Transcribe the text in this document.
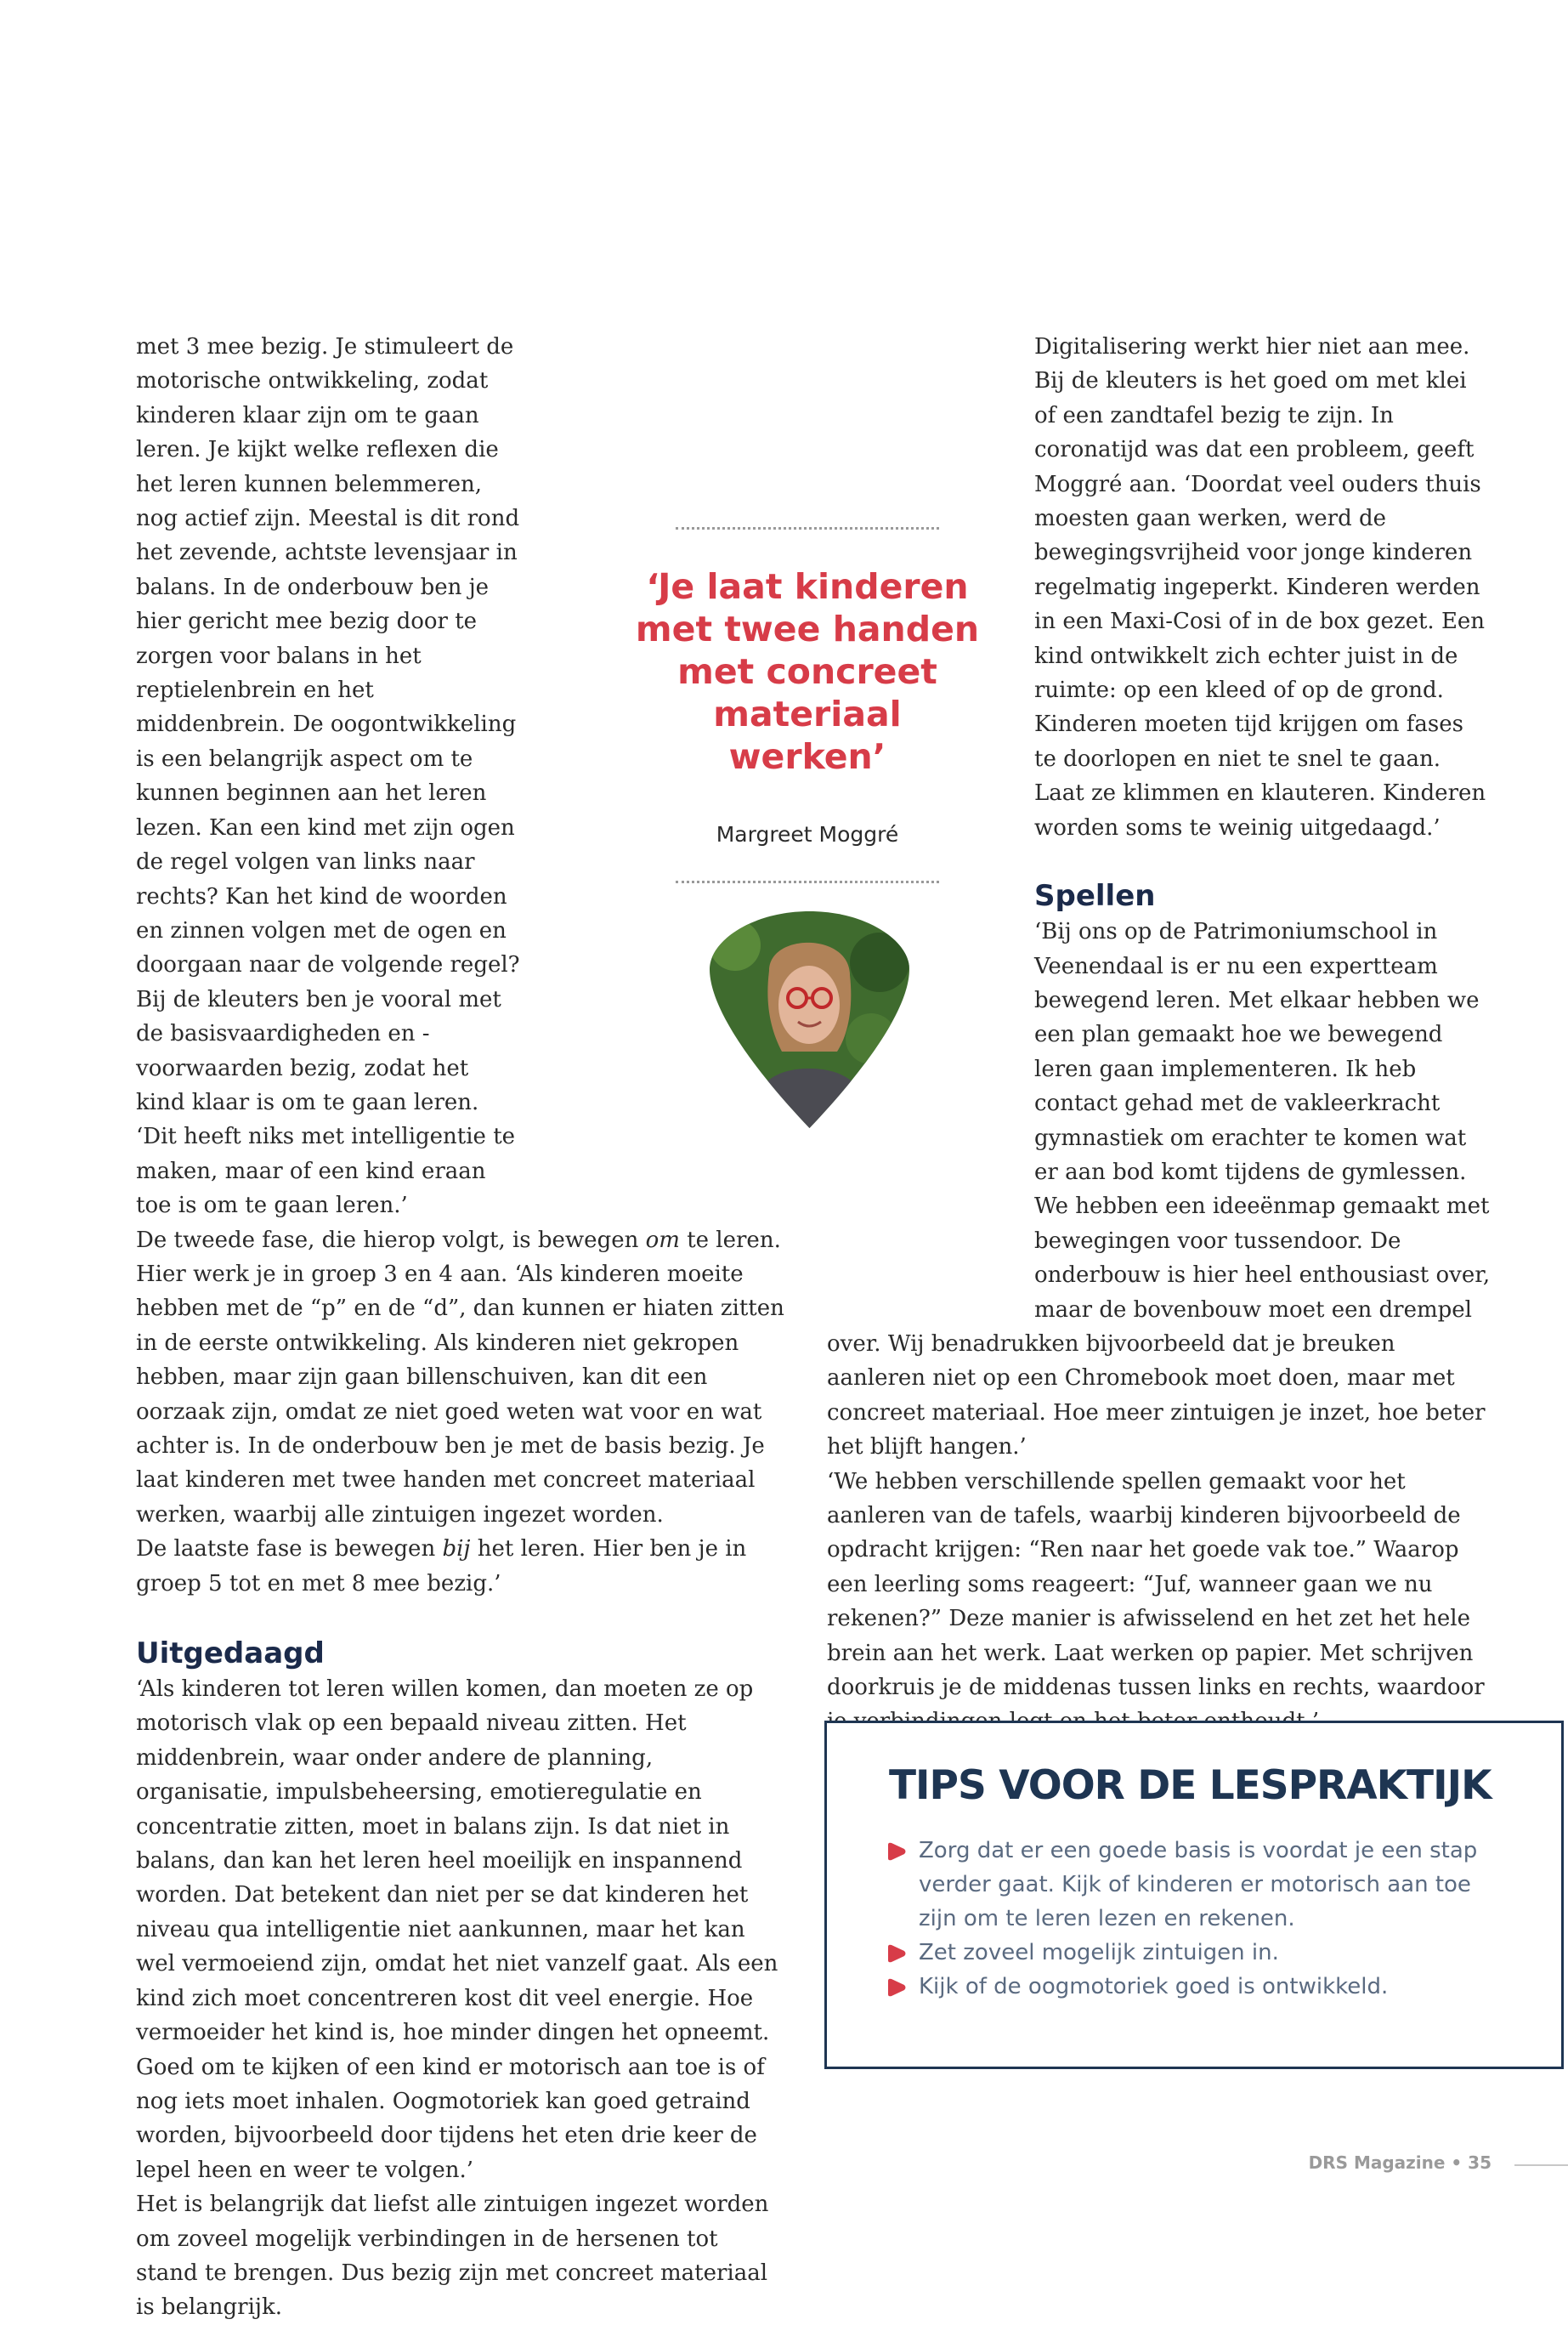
met 3 mee bezig. Je stimuleert de motorische ontwikkeling, zodat kinderen klaar zijn om te gaan leren. Je kijkt welke reflexen die het leren kunnen belemmeren, nog actief zijn. Meestal is dit rond het zevende, achtste levensjaar in balans. In de onderbouw ben je hier gericht mee bezig door te zorgen voor balans in het reptielenbrein en het middenbrein. De oogontwikkeling is een belangrijk aspect om te kunnen beginnen aan het leren lezen. Kan een kind met zijn ogen de regel volgen van links naar rechts? Kan het kind de woorden en zinnen volgen met de ogen en doorgaan naar de volgende regel? Bij de kleuters ben je vooral met de basisvaardigheden en -voorwaarden bezig, zodat het kind klaar is om te gaan leren. ‘Dit heeft niks met intelligentie te maken, maar of een kind eraan toe is om te gaan leren.’

De tweede fase, die hierop volgt, is bewegen om te leren. Hier werk je in groep 3 en 4 aan. ‘Als kinderen moeite hebben met de “p” en de “d”, dan kunnen er hiaten zitten in de eerste ontwikkeling. Als kinderen niet gekropen hebben, maar zijn gaan billenschuiven, kan dit een oorzaak zijn, omdat ze niet goed weten wat voor en wat achter is. In de onderbouw ben je met de basis bezig. Je laat kinderen met twee handen met concreet materiaal werken, waarbij alle zintuigen ingezet worden.

De laatste fase is bewegen bij het leren. Hier ben je in groep 5 tot en met 8 mee bezig.’

Uitgedaagd

‘Als kinderen tot leren willen komen, dan moeten ze op motorisch vlak op een bepaald niveau zitten. Het middenbrein, waar onder andere de planning, organisatie, impulsbeheersing, emotieregulatie en concentratie zitten, moet in balans zijn. Is dat niet in balans, dan kan het leren heel moeilijk en inspannend worden. Dat betekent dan niet per se dat kinderen het niveau qua intelligentie niet aankunnen, maar het kan wel vermoeiend zijn, omdat het niet vanzelf gaat. Als een kind zich moet concentreren kost dit veel energie. Hoe vermoeider het kind is, hoe minder dingen het opneemt. Goed om te kijken of een kind er motorisch aan toe is of nog iets moet inhalen. Oogmotoriek kan goed getraind worden, bijvoorbeeld door tijdens het eten drie keer de lepel heen en weer te volgen.’

Het is belangrijk dat liefst alle zintuigen ingezet worden om zoveel mogelijk verbindingen in de hersenen tot stand te brengen. Dus bezig zijn met concreet materiaal is belangrijk.

Digitalisering werkt hier niet aan mee. Bij de kleuters is het goed om met klei of een zandtafel bezig te zijn. In coronatijd was dat een probleem, geeft Moggré aan. ‘Doordat veel ouders thuis moesten gaan werken, werd de bewegingsvrijheid voor jonge kinderen regelmatig ingeperkt. Kinderen werden in een Maxi-Cosi of in de box gezet. Een kind ontwikkelt zich echter juist in de ruimte: op een kleed of op de grond. Kinderen moeten tijd krijgen om fases te doorlopen en niet te snel te gaan. Laat ze klimmen en klauteren. Kinderen worden soms te weinig uitgedaagd.’

Spellen

‘Bij ons op de Patrimoniumschool in Veenendaal is er nu een expertteam bewegend leren. Met elkaar hebben we een plan gemaakt hoe we bewegend leren gaan implementeren. Ik heb contact gehad met de vakleerkracht gymnastiek om erachter te komen wat er aan bod komt tijdens de gymlessen. We hebben een ideeënmap gemaakt met bewegingen voor tussendoor. De onderbouw is hier heel enthousiast over, maar de bovenbouw moet een drempel over. Wij benadrukken bijvoorbeeld dat je breuken aanleren niet op een Chromebook moet doen, maar met concreet materiaal. Hoe meer zintuigen je inzet, hoe beter het blijft hangen.’

‘We hebben verschillende spellen gemaakt voor het aanleren van de tafels, waarbij kinderen bijvoorbeeld de opdracht krijgen: “Ren naar het goede vak toe.” Waarop een leerling soms reageert: “Juf, wanneer gaan we nu rekenen?” Deze manier is afwisselend en het zet het hele brein aan het werk. Laat werken op papier. Met schrijven doorkruis je de middenas tussen links en rechts, waardoor

‘Je laat kinderen met twee handen met concreet materiaal werken’
Margreet Moggré
TIPS VOOR DE LESPRAKTIJK
Zorg dat er een goede basis is voordat je een stap verder gaat. Kijk of kinderen er motorisch aan toe zijn om te leren lezen en rekenen.
Zet zoveel mogelijk zintuigen in.
Kijk of de oogmotoriek goed is ontwikkeld.
DRS Magazine • 35
